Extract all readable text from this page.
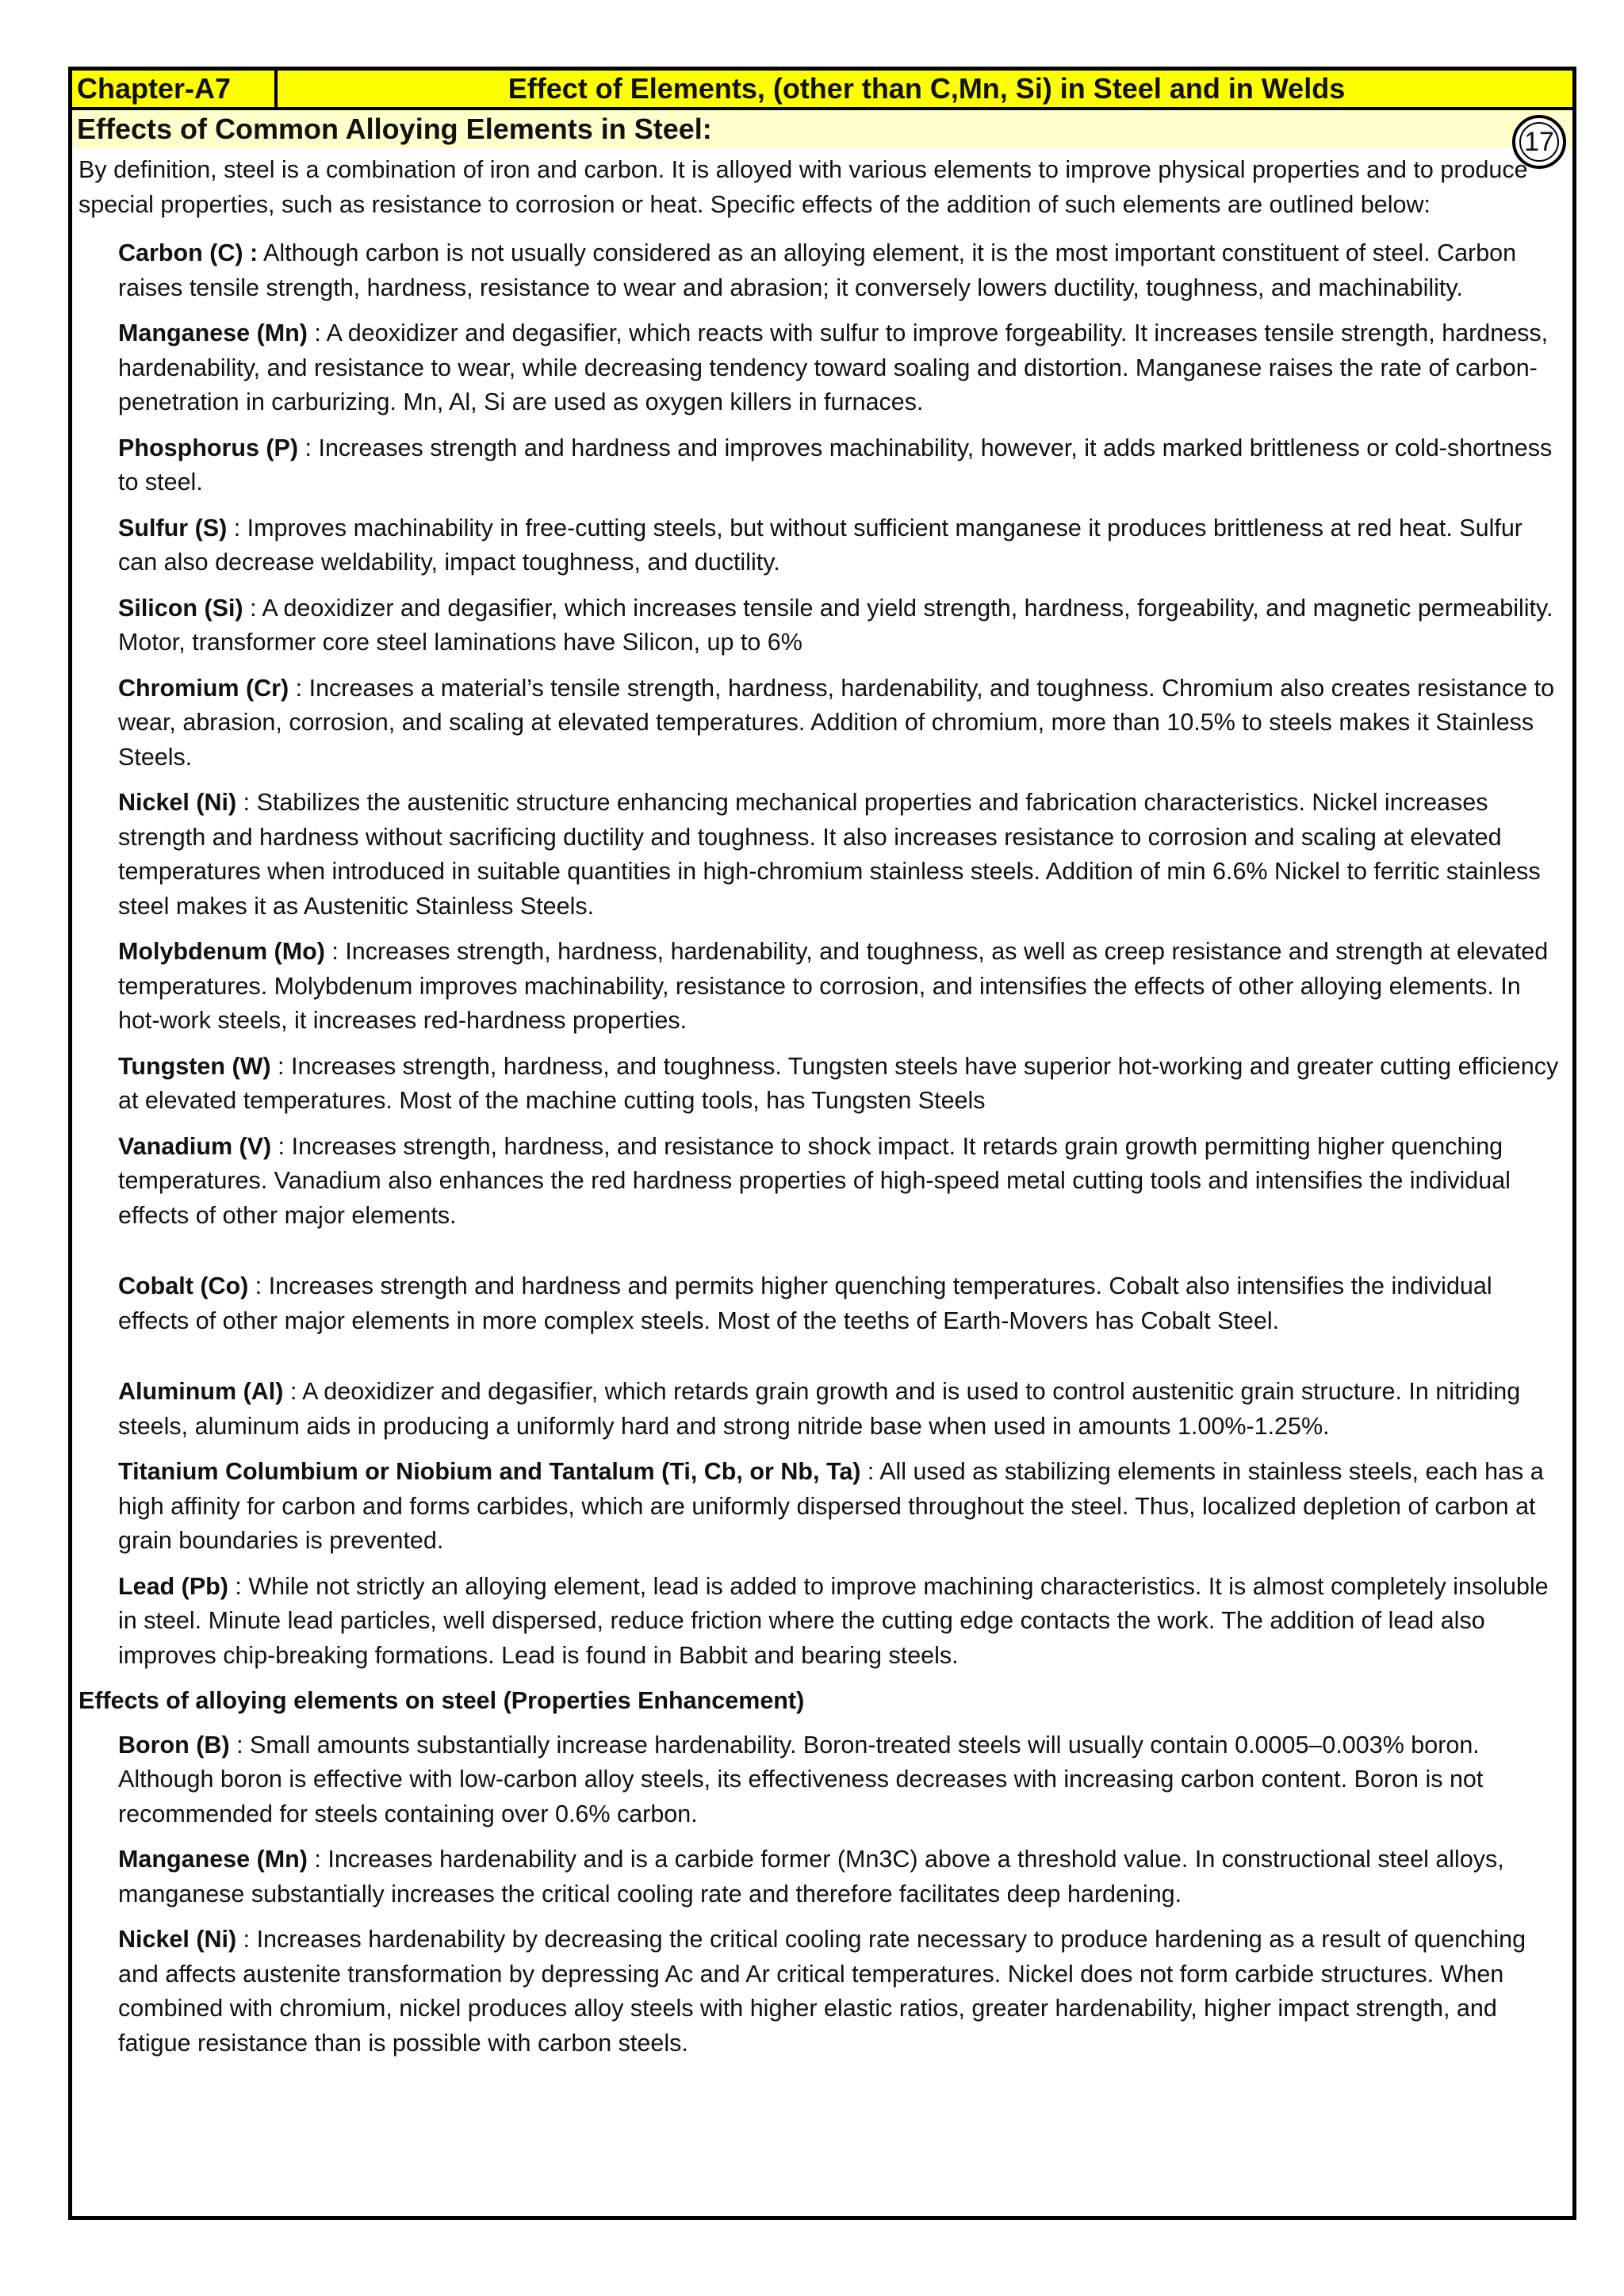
Chapter-A7	Effect of Elements, (other than C,Mn, Si) in Steel and in Welds
Effects of Common Alloying Elements in Steel:	17

By definition, steel is a combination of iron and carbon. It is alloyed with various elements to improve physical properties and to produce special properties, such as resistance to corrosion or heat. Specific effects of the addition of such elements are outlined below:

Carbon (C) : Although carbon is not usually considered as an alloying element, it is the most important constituent of steel. Carbon raises tensile strength, hardness, resistance to wear and abrasion; it conversely lowers ductility, toughness, and machinability.

Manganese (Mn) : A deoxidizer and degasifier, which reacts with sulfur to improve forgeability. It increases tensile strength, hardness, hardenability, and resistance to wear, while decreasing tendency toward soaling and distortion. Manganese raises the rate of carbon-penetration in carburizing. Mn, Al, Si are used as oxygen killers in furnaces.

Phosphorus (P) : Increases strength and hardness and improves machinability, however, it adds marked brittleness or cold-shortness to steel.

Sulfur (S) : Improves machinability in free-cutting steels, but without sufficient manganese it produces brittleness at red heat. Sulfur can also decrease weldability, impact toughness, and ductility.

Silicon (Si) : A deoxidizer and degasifier, which increases tensile and yield strength, hardness, forgeability, and magnetic permeability. Motor, transformer core steel laminations have Silicon, up to 6%

Chromium (Cr) : Increases a material’s tensile strength, hardness, hardenability, and toughness. Chromium also creates resistance to wear, abrasion, corrosion, and scaling at elevated temperatures. Addition of chromium, more than 10.5% to steels makes it Stainless Steels.

Nickel (Ni) : Stabilizes the austenitic structure enhancing mechanical properties and fabrication characteristics. Nickel increases strength and hardness without sacrificing ductility and toughness. It also increases resistance to corrosion and scaling at elevated temperatures when introduced in suitable quantities in high-chromium stainless steels. Addition of min 6.6% Nickel to ferritic stainless steel makes it as Austenitic Stainless Steels.

Molybdenum (Mo) : Increases strength, hardness, hardenability, and toughness, as well as creep resistance and strength at elevated temperatures. Molybdenum improves machinability, resistance to corrosion, and intensifies the effects of other alloying elements. In hot-work steels, it increases red-hardness properties.

Tungsten (W) : Increases strength, hardness, and toughness. Tungsten steels have superior hot-working and greater cutting efficiency at elevated temperatures. Most of the machine cutting tools, has Tungsten Steels

Vanadium (V) : Increases strength, hardness, and resistance to shock impact. It retards grain growth permitting higher quenching temperatures. Vanadium also enhances the red hardness properties of high-speed metal cutting tools and intensifies the individual effects of other major elements.

Cobalt (Co) : Increases strength and hardness and permits higher quenching temperatures. Cobalt also intensifies the individual effects of other major elements in more complex steels. Most of the teeths of Earth-Movers has Cobalt Steel.

Aluminum (Al) : A deoxidizer and degasifier, which retards grain growth and is used to control austenitic grain structure. In nitriding steels, aluminum aids in producing a uniformly hard and strong nitride base when used in amounts 1.00%-1.25%.

Titanium Columbium or Niobium and Tantalum (Ti, Cb, or Nb, Ta) : All used as stabilizing elements in stainless steels, each has a high affinity for carbon and forms carbides, which are uniformly dispersed throughout the steel. Thus, localized depletion of carbon at grain boundaries is prevented.

Lead (Pb) : While not strictly an alloying element, lead is added to improve machining characteristics. It is almost completely insoluble in steel. Minute lead particles, well dispersed, reduce friction where the cutting edge contacts the work. The addition of lead also improves chip-breaking formations. Lead is found in Babbit and bearing steels.

Effects of alloying elements on steel (Properties Enhancement)

Boron (B) : Small amounts substantially increase hardenability. Boron-treated steels will usually contain 0.0005–0.003% boron. Although boron is effective with low-carbon alloy steels, its effectiveness decreases with increasing carbon content. Boron is not recommended for steels containing over 0.6% carbon.

Manganese (Mn) : Increases hardenability and is a carbide former (Mn3C) above a threshold value. In constructional steel alloys, manganese substantially increases the critical cooling rate and therefore facilitates deep hardening.

Nickel (Ni) : Increases hardenability by decreasing the critical cooling rate necessary to produce hardening as a result of quenching and affects austenite transformation by depressing Ac and Ar critical temperatures. Nickel does not form carbide structures. When combined with chromium, nickel produces alloy steels with higher elastic ratios, greater hardenability, higher impact strength, and fatigue resistance than is possible with carbon steels.
